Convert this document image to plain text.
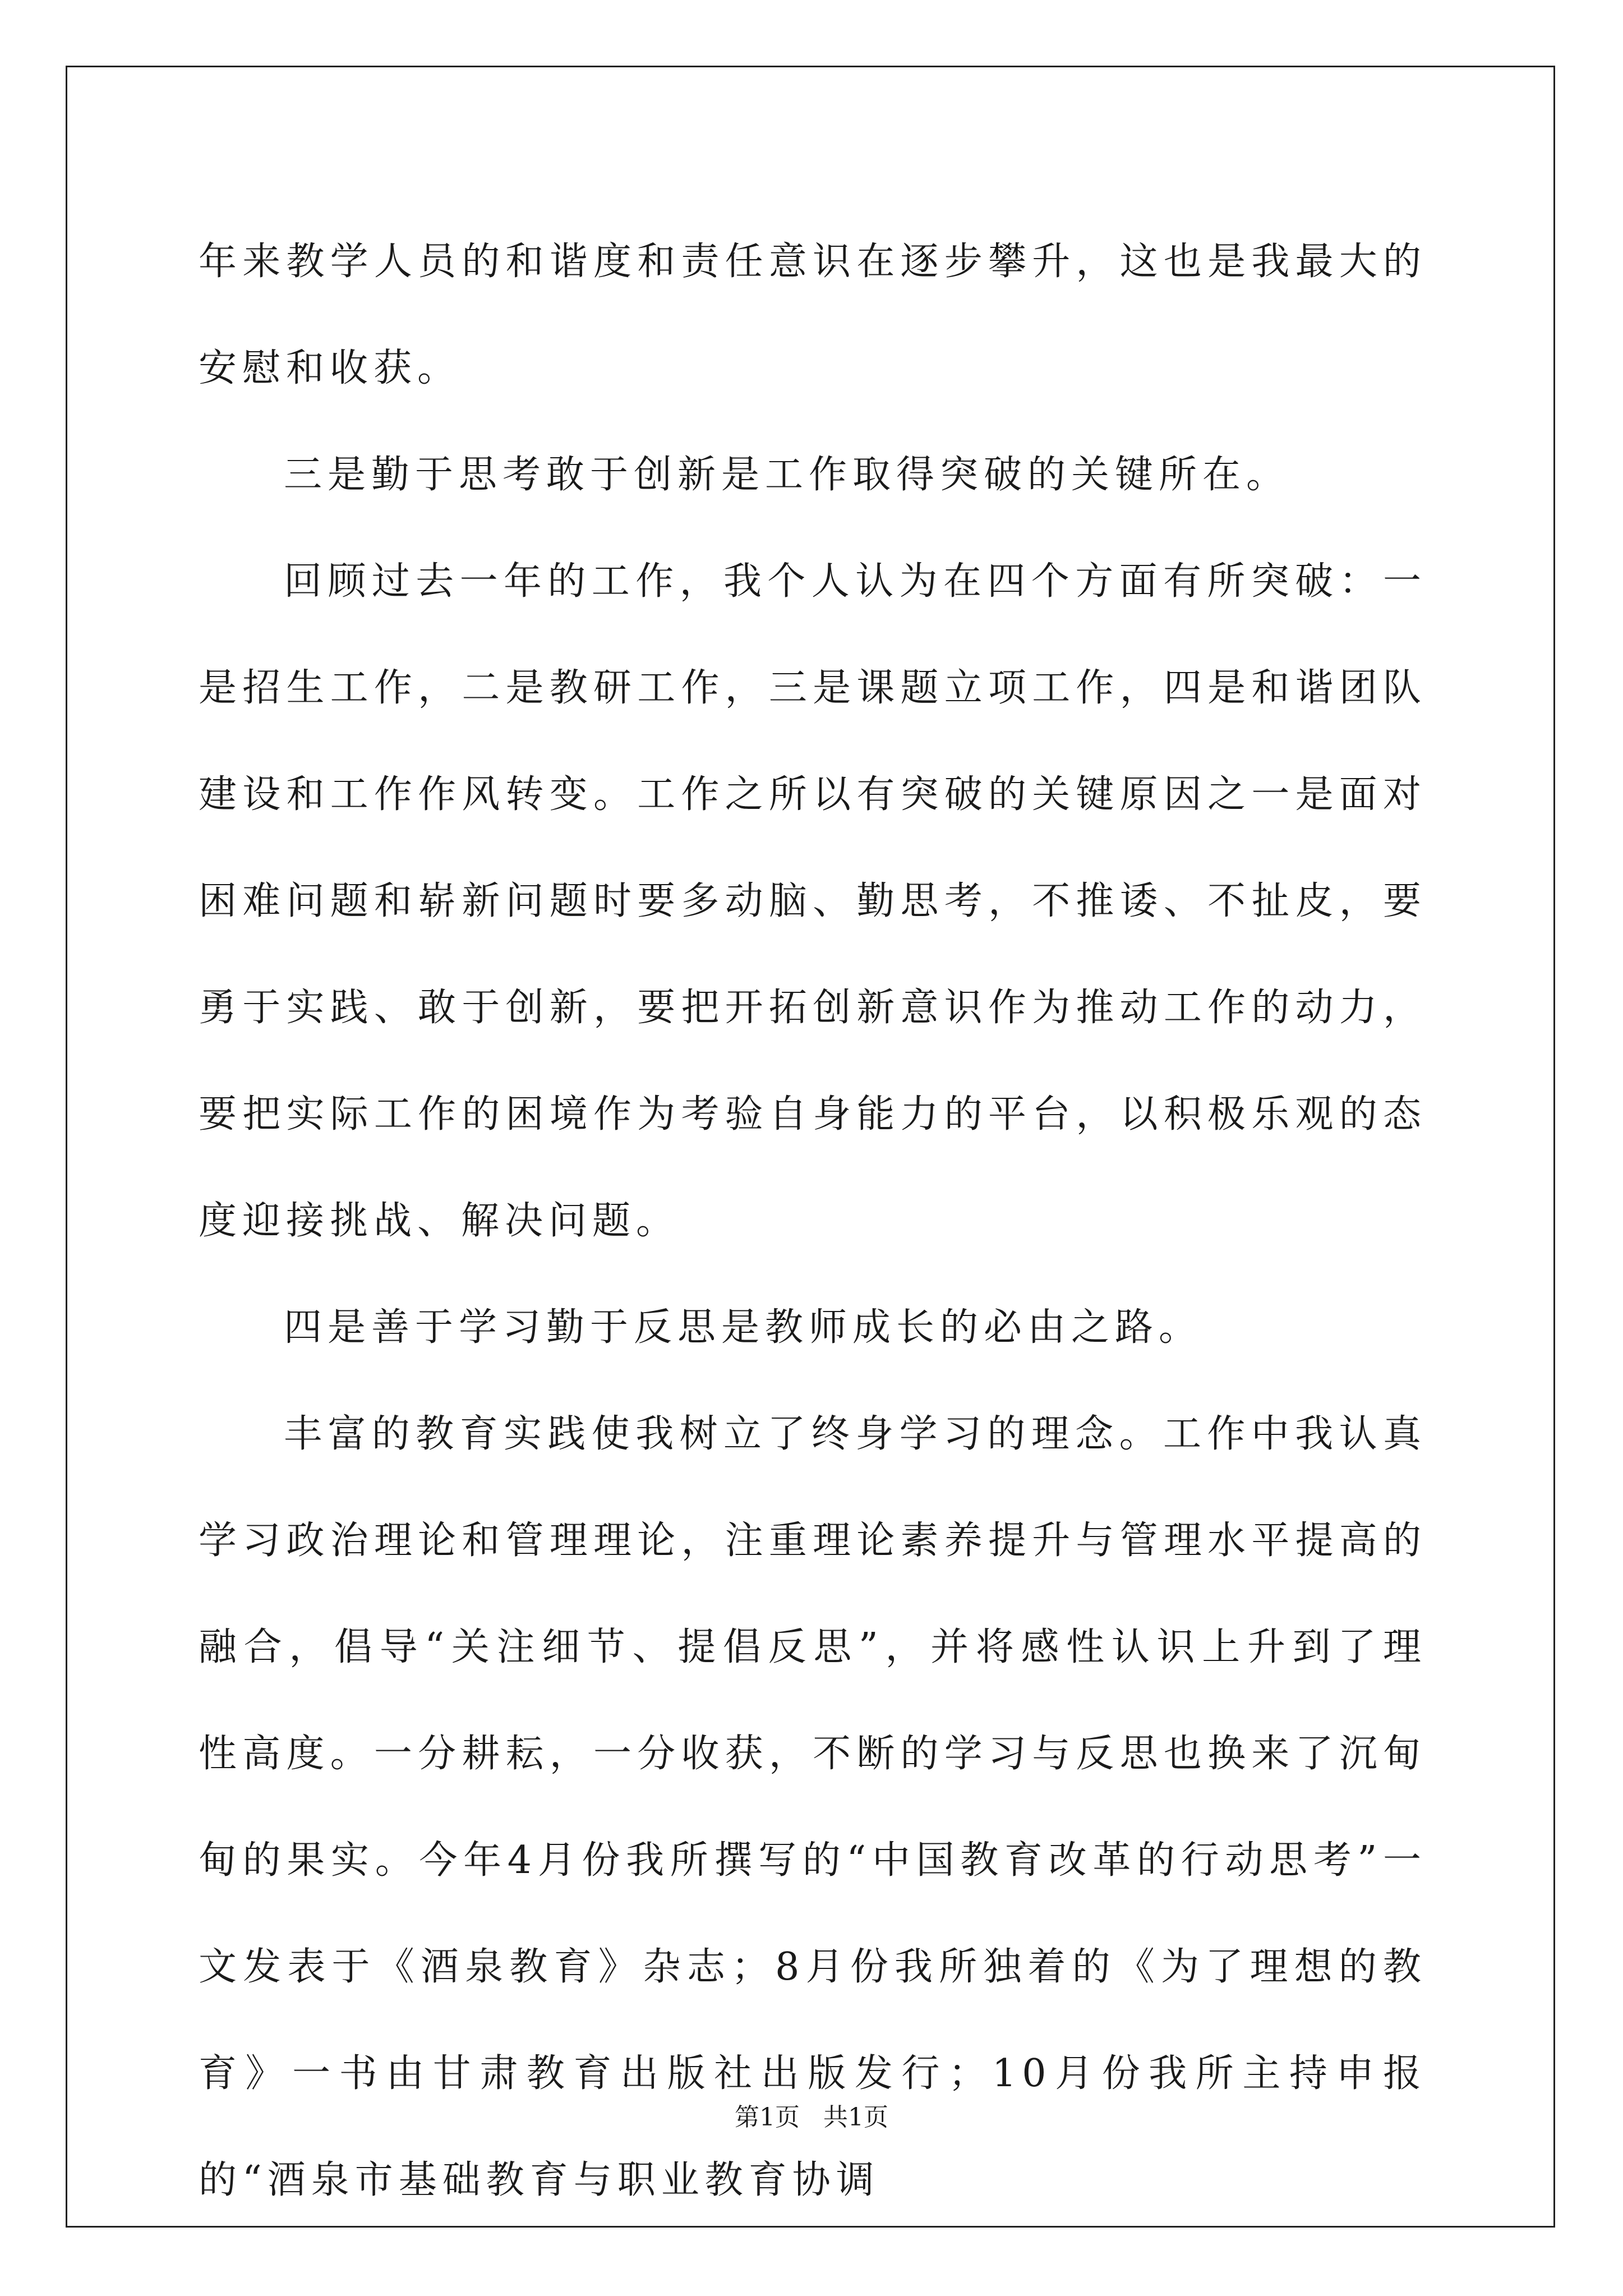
年来教学人员的和谐度和责任意识在逐步攀升，这也是我最大的安慰和收获。

三是勤于思考敢于创新是工作取得突破的关键所在。

回顾过去一年的工作，我个人认为在四个方面有所突破：一是招生工作，二是教研工作，三是课题立项工作，四是和谐团队建设和工作作风转变。工作之所以有突破的关键原因之一是面对困难问题和崭新问题时要多动脑、勤思考，不推诿、不扯皮，要勇于实践、敢于创新，要把开拓创新意识作为推动工作的动力，要把实际工作的困境作为考验自身能力的平台，以积极乐观的态度迎接挑战、解决问题。

四是善于学习勤于反思是教师成长的必由之路。

丰富的教育实践使我树立了终身学习的理念。工作中我认真学习政治理论和管理理论，注重理论素养提升与管理水平提高的融合，倡导“关注细节、提倡反思”，并将感性认识上升到了理性高度。一分耕耘，一分收获，不断的学习与反思也换来了沉甸甸的果实。今年4月份我所撰写的“中国教育改革的行动思考”一文发表于《酒泉教育》杂志；8月份我所独着的《为了理想的教育》一书由甘肃教育出版社出版发行；10月份我所主持申报的“酒泉市基础教育与职业教育协调

第1页 共1页
